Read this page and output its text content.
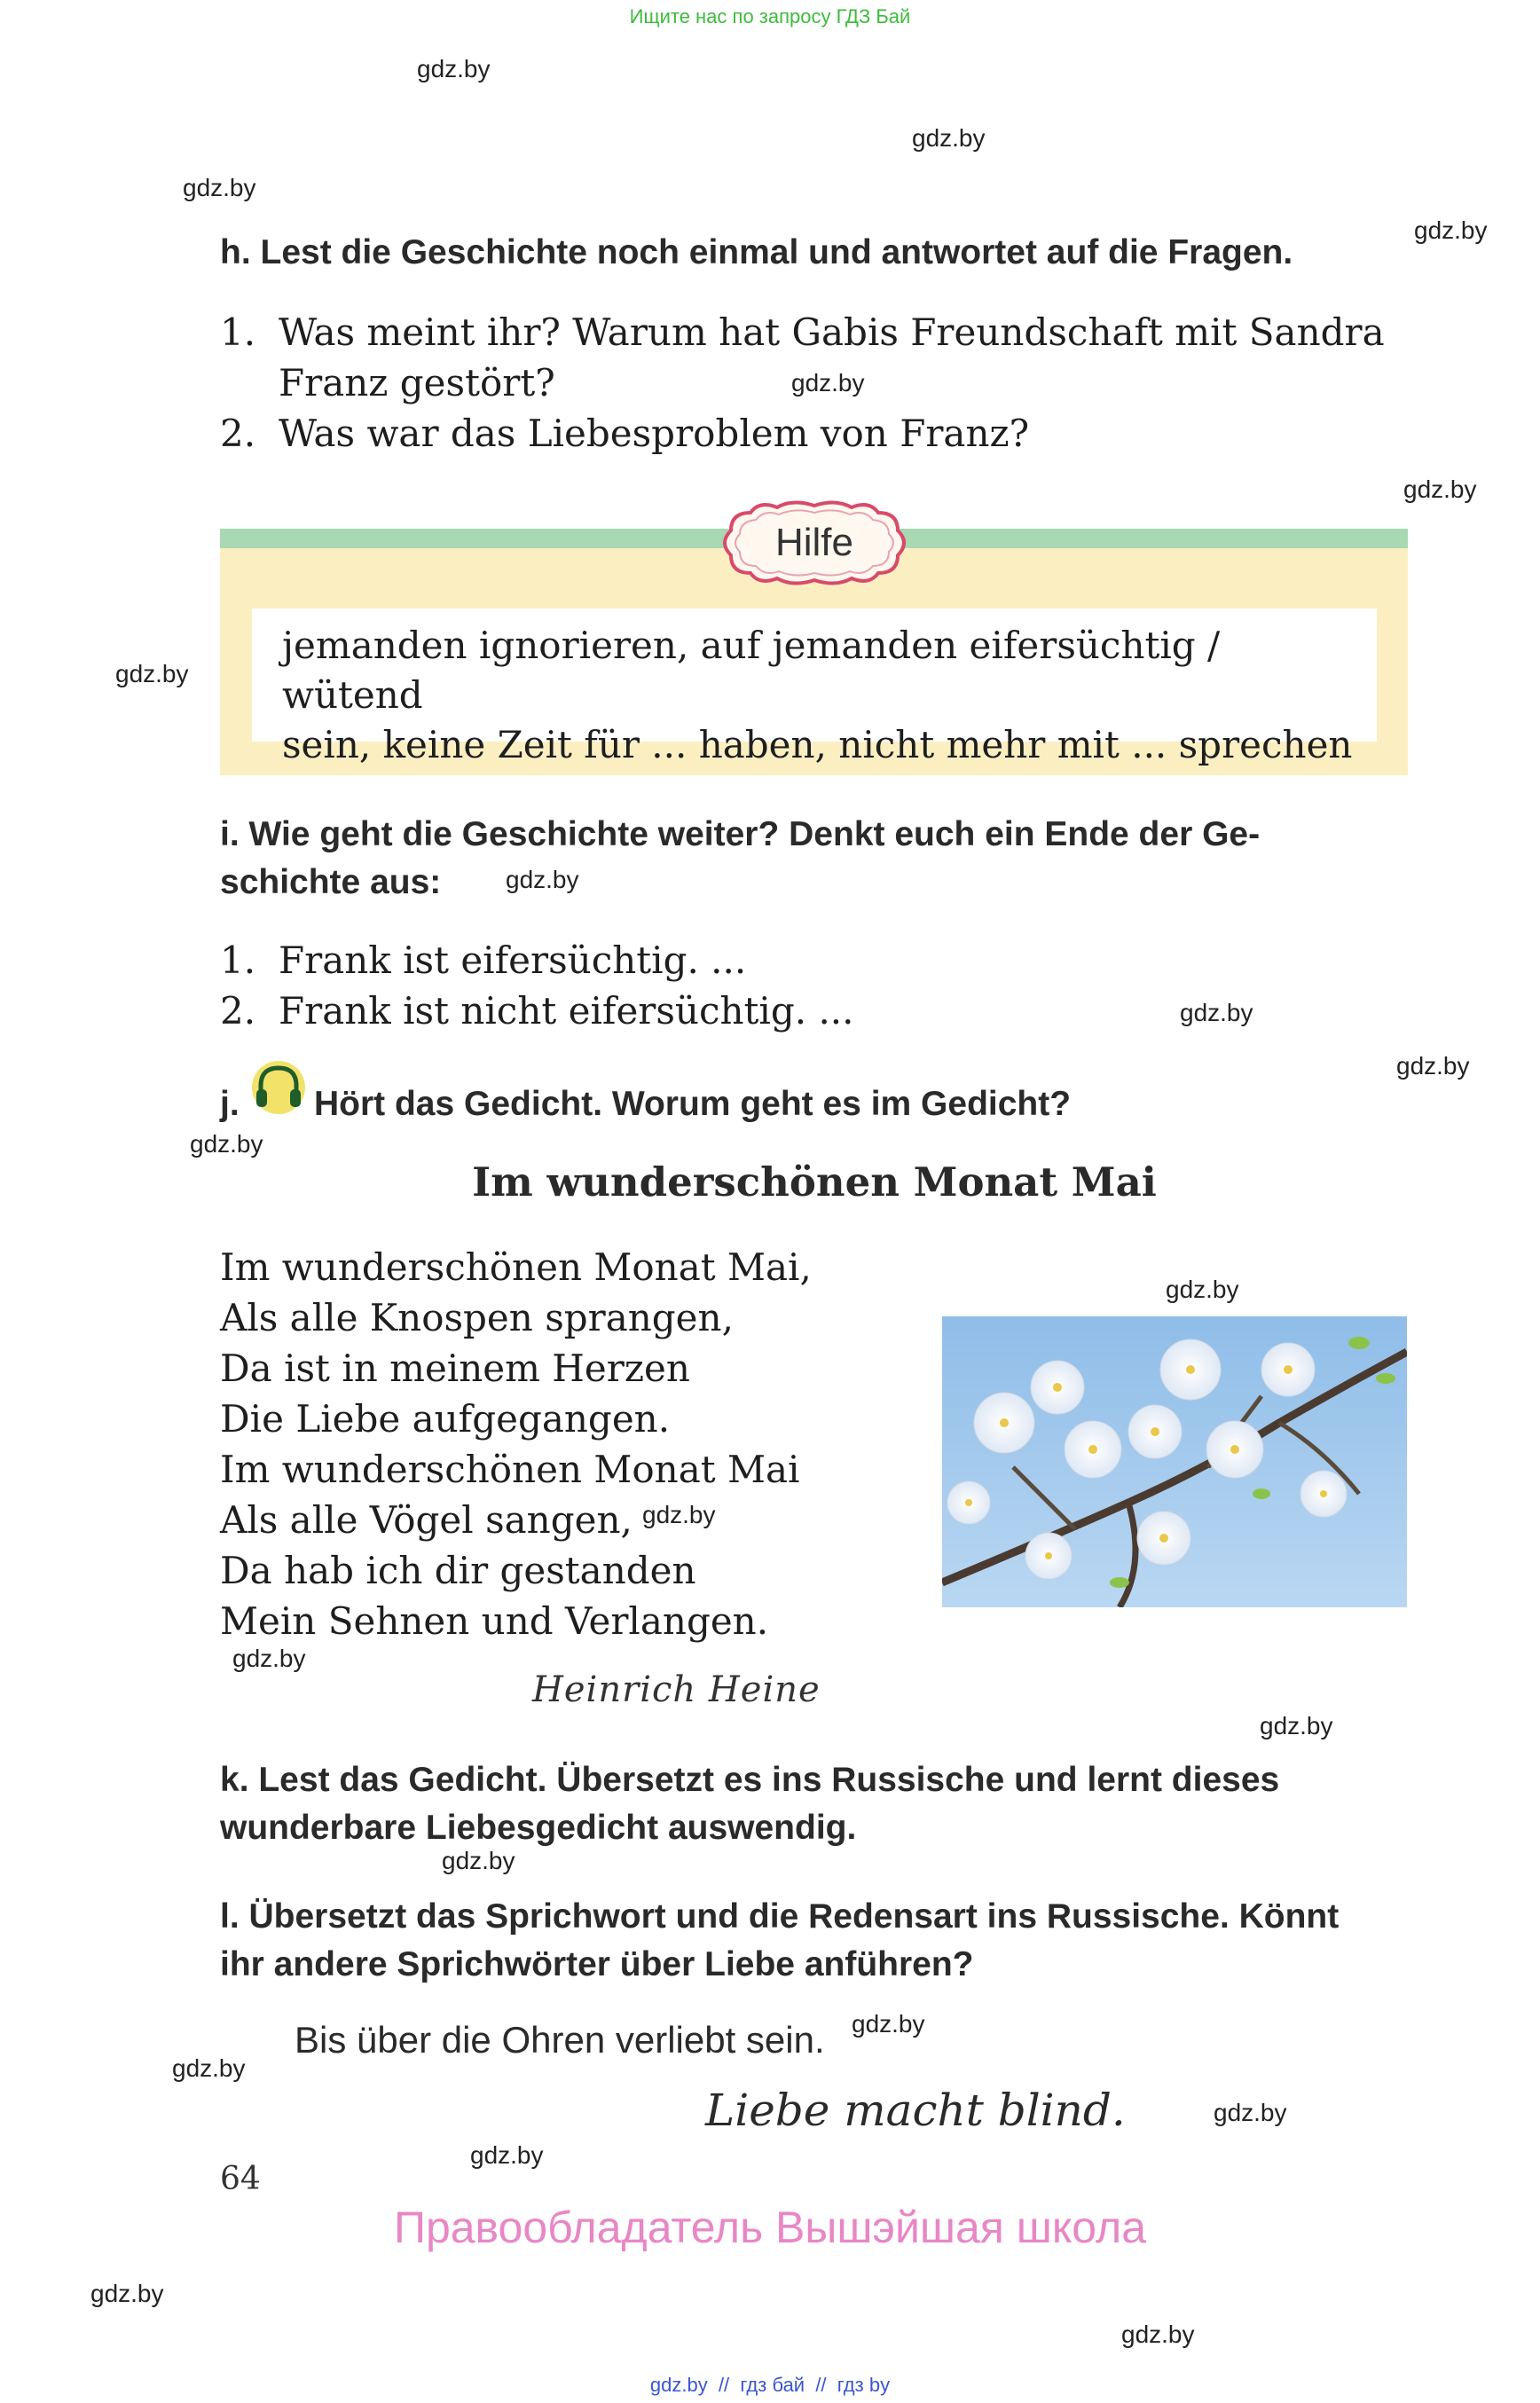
Ищите нас по запросу ГДЗ Бай
gdz.by
gdz.by
gdz.by
gdz.by
gdz.by
gdz.by
gdz.by
gdz.by
gdz.by
gdz.by
gdz.by
gdz.by
gdz.by
gdz.by
gdz.by
gdz.by
gdz.by
gdz.by
gdz.by
gdz.by
gdz.by
gdz.by
h. Lest die Geschichte noch einmal und antwortet auf die Fragen.
1. Was meint ihr? Warum hat Gabis Freundschaft mit Sandra
Franz gestört?
2. Was war das Liebesproblem von Franz?
jemanden ignorieren, auf jemanden eifersüchtig / wütend
sein, keine Zeit für ... haben, nicht mehr mit ... sprechen
Hilfe
i. Wie geht die Geschichte weiter? Denkt euch ein Ende der Ge-
schichte aus:
1. Frank ist eifersüchtig. ...
2. Frank ist nicht eifersüchtig. ...
j.	Hört das Gedicht. Worum geht es im Gedicht?
Im wunderschönen Monat Mai
Im wunderschönen Monat Mai,
Als alle Knospen sprangen,
Da ist in meinem Herzen
Die Liebe aufgegangen.
Im wunderschönen Monat Mai
Als alle Vögel sangen,
Da hab ich dir gestanden
Mein Sehnen und Verlangen.
Heinrich Heine
k. Lest das Gedicht. Übersetzt es ins Russische und lernt dieses
wunderbare Liebesgedicht auswendig.
l. Übersetzt das Sprichwort und die Redensart ins Russische. Könnt
ihr andere Sprichwörter über Liebe anführen?
Bis über die Ohren verliebt sein.
Liebe macht blind.
64
Правообладатель Вышэйшая школа
gdz.by  //  гдз бай  //  гдз by
